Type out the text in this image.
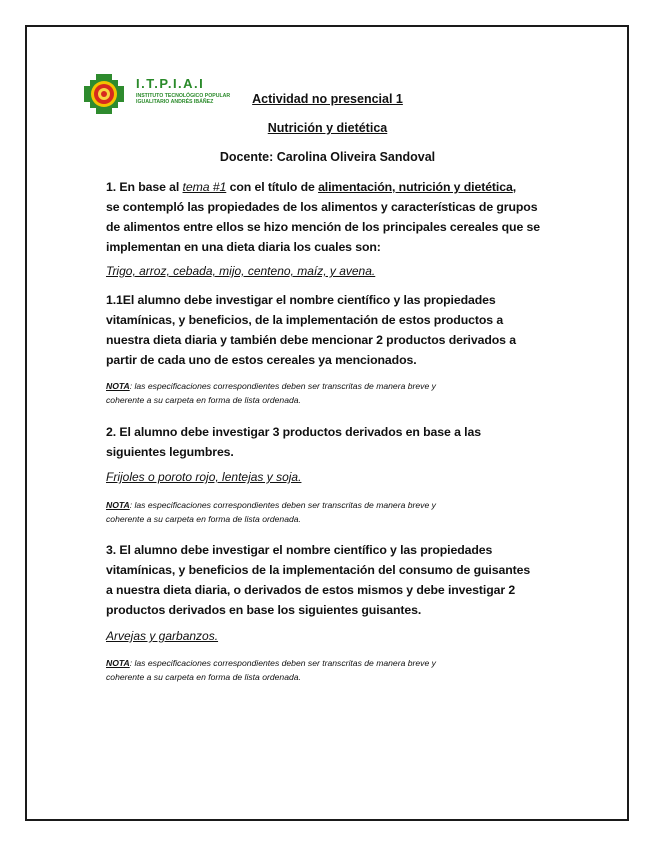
I.T.P.I.A.I
INSTITUTO TECNOLÓGICO POPULAR
IGUALITARIO ANDRÉS IBÁÑEZ	Actividad no presencial 1
Nutrición y dietética
Docente: Carolina Oliveira Sandoval
1. En base al tema #1 con el título de alimentación, nutrición y dietética,
se contempló las propiedades de los alimentos y características de grupos
de alimentos entre ellos se hizo mención de los principales cereales que se
implementan en una dieta diaria los cuales son:
Trigo, arroz, cebada, mijo, centeno, maíz, y avena.
1.1El alumno debe investigar el nombre científico y las propiedades
vitamínicas, y beneficios, de la implementación de estos productos a
nuestra dieta diaria y también debe mencionar 2 productos derivados a
partir de cada uno de estos cereales ya mencionados.
NOTA: las especificaciones correspondientes deben ser transcritas de manera breve y
coherente a su carpeta en forma de lista ordenada.
2. El alumno debe investigar 3 productos derivados en base a las
siguientes legumbres.
Frijoles o poroto rojo, lentejas y soja.
NOTA: las especificaciones correspondientes deben ser transcritas de manera breve y
coherente a su carpeta en forma de lista ordenada.
3. El alumno debe investigar el nombre científico y las propiedades
vitamínicas, y beneficios de la implementación del consumo de guisantes
a nuestra dieta diaria, o derivados de estos mismos y debe investigar 2
productos derivados en base los siguientes guisantes.
Arvejas y garbanzos.
NOTA: las especificaciones correspondientes deben ser transcritas de manera breve y
coherente a su carpeta en forma de lista ordenada.
